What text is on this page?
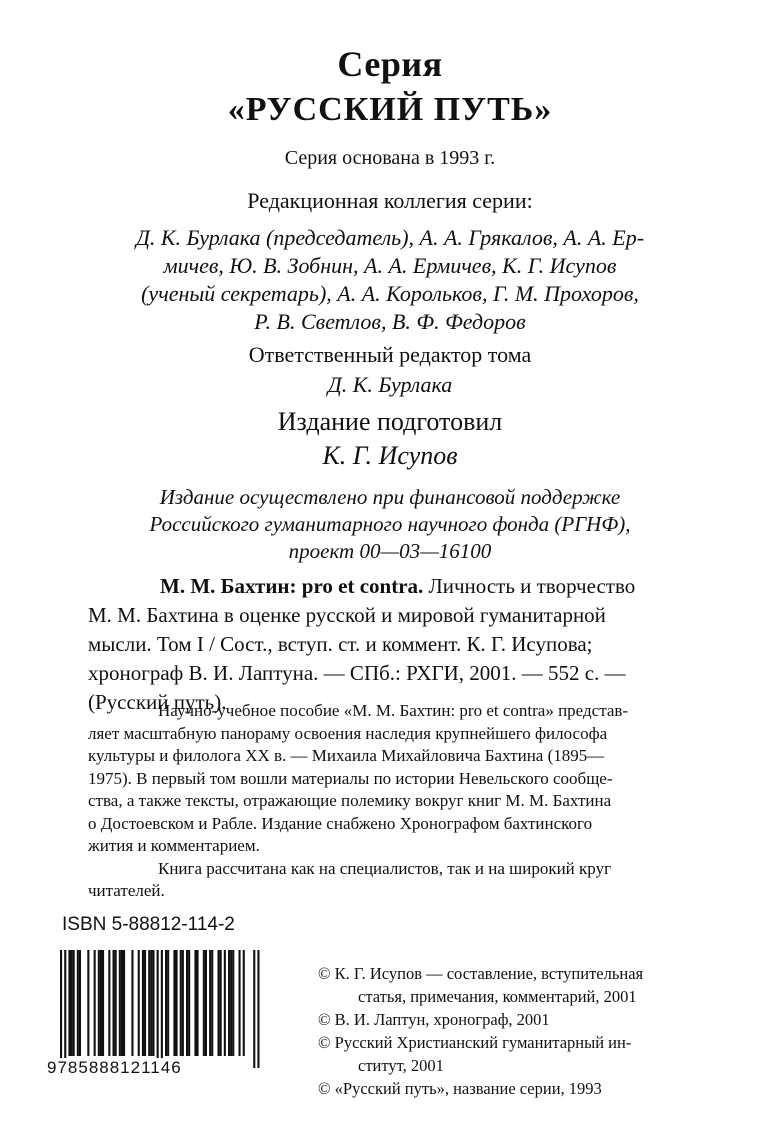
Серия
«РУССКИЙ ПУТЬ»
Серия основана в 1993 г.
Редакционная коллегия серии:
Д. К. Бурлака (председатель), А. А. Грякалов, А. А. Ер-
мичев, Ю. В. Зобнин, А. А. Ермичев, К. Г. Исупов
(ученый секретарь), А. А. Корольков, Г. М. Прохоров,
Р. В. Светлов, В. Ф. Федоров
Ответственный редактор тома
Д. К. Бурлака
Издание подготовил
К. Г. Исупов
Издание осуществлено при финансовой поддержке
Российского гуманитарного научного фонда (РГНФ),
проект 00—03—16100
М. М. Бахтин: pro et contra. Личность и творчество
М. М. Бахтина в оценке русской и мировой гуманитарной
мысли. Том I / Сост., вступ. ст. и коммент. К. Г. Исупова;
хронограф В. И. Лаптуна. — СПб.: РХГИ, 2001. — 552 с. —
(Русский путь).
Научно-учебное пособие «М. М. Бахтин: pro et contra» представ-
ляет масштабную панораму освоения наследия крупнейшего философа
культуры и филолога XX в. — Михаила Михайловича Бахтина (1895—
1975). В первый том вошли материалы по истории Невельского сообще-
ства, а также тексты, отражающие полемику вокруг книг М. М. Бахтина
о Достоевском и Рабле. Издание снабжено Хронографом бахтинского
жития и комментарием.
Книга рассчитана как на специалистов, так и на широкий круг
читателей.
ISBN 5-88812-114-2
9785888121146
© К. Г. Исупов — составление, вступительная
статья, примечания, комментарий, 2001
© В. И. Лаптун, хронограф, 2001
© Русский Христианский гуманитарный ин-
ститут, 2001
© «Русский путь», название серии, 1993
